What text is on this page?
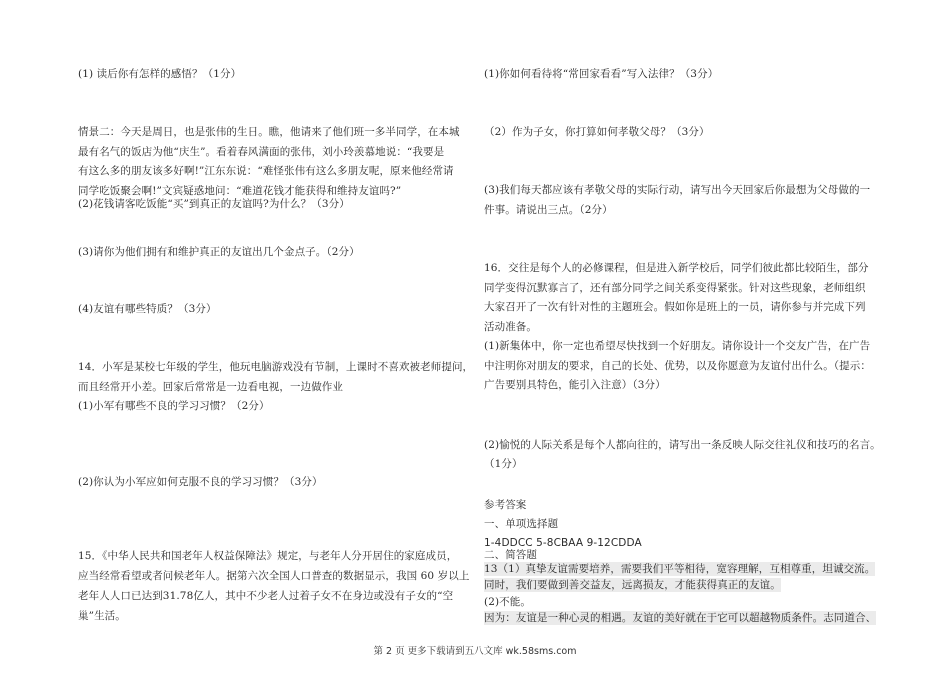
(1) 读后你有怎样的感悟？（1分）
情景二：今天是周日，也是张伟的生日。瞧，他请来了他们班一多半同学，在本城
最有名气的饭店为他“庆生”。看着春风满面的张伟，刘小玲羡慕地说：“我要是
有这么多的朋友该多好啊!”江东东说：“难怪张伟有这么多朋友呢，原来他经常请
同学吃饭聚会啊!”文宾疑惑地问：“难道花钱才能获得和维持友谊吗?”
(2)花钱请客吃饭能“买”到真正的友谊吗?为什么？（3分）
(3)请你为他们拥有和维护真正的友谊出几个金点子。（2分）
(4)友谊有哪些特质？（3分）
14．小军是某校七年级的学生，他玩电脑游戏没有节制，上课时不喜欢被老师提问，
而且经常开小差。回家后常常是一边看电视，一边做作业
(1)小军有哪些不良的学习习惯？（2分）
(2)你认为小军应如何克服不良的学习习惯？（3分）
15．《中华人民共和国老年人权益保障法》规定，与老年人分开居住的家庭成员，
应当经常看望或者问候老年人。据第六次全国人口普查的数据显示，我国 60 岁以上
老年人人口已达到31.78亿人，其中不少老人过着子女不在身边或没有子女的“空
巢”生活。
(1)你如何看待将“常回家看看”写入法律？（3分）
（2）作为子女，你打算如何孝敬父母？（3分）
(3)我们每天都应该有孝敬父母的实际行动，请写出今天回家后你最想为父母做的一
件事。请说出三点。（2分）
16．交往是每个人的必修课程，但是进入新学校后，同学们彼此都比较陌生，部分
同学变得沉默寡言了，还有部分同学之间关系变得紧张。针对这些现象，老师组织
大家召开了一次有针对性的主题班会。假如你是班上的一员，请你参与并完成下列
活动准备。
(1)新集体中，你一定也希望尽快找到一个好朋友。请你设计一个交友广告，在广告
中注明你对朋友的要求，自己的长处、优势，以及你愿意为友谊付出什么。（提示：
广告要别具特色，能引入注意）（3分）
(2)愉悦的人际关系是每个人都向往的，请写出一条反映人际交往礼仪和技巧的名言。
（1分）
参考答案
一、单项选择题
1-4DDCC 5-8CBAA 9-12CDDA
二、简答题
13（1）真挚友谊需要培养，需要我们平等相待，宽容理解，互相尊重，坦诚交流。
同时，我们要做到善交益友，远离损友，才能获得真正的友谊。
(2)不能。
因为：友谊是一种心灵的相遇。友谊的美好就在于它可以超越物质条件。志同道合、
第 2 页 更多下载请到五八文库 wk.58sms.com
